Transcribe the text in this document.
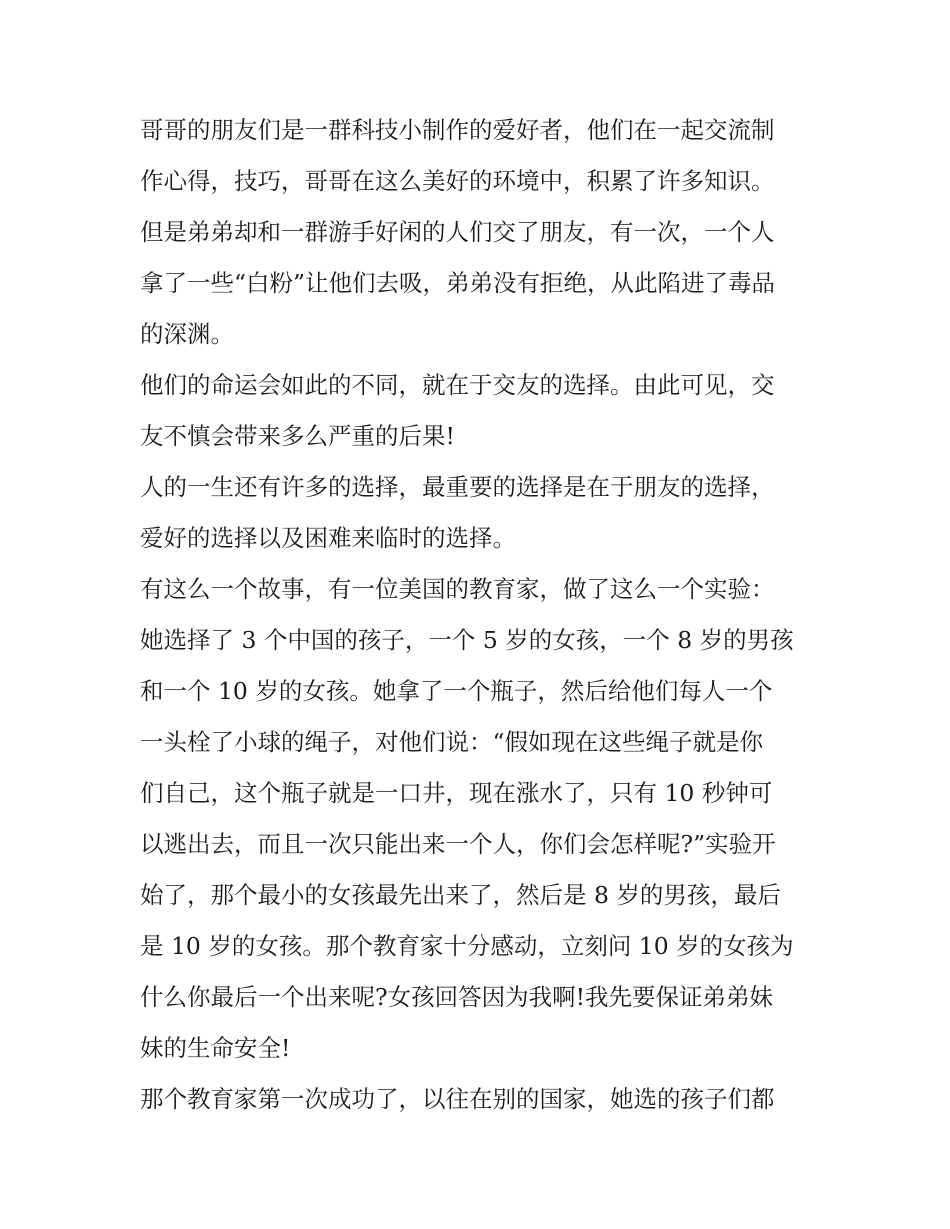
哥哥的朋友们是一群科技小制作的爱好者，他们在一起交流制
作心得，技巧，哥哥在这么美好的环境中，积累了许多知识。
但是弟弟却和一群游手好闲的人们交了朋友，有一次，一个人
拿了一些“白粉”让他们去吸，弟弟没有拒绝，从此陷进了毒品
的深渊。
他们的命运会如此的不同，就在于交友的选择。由此可见，交
友不慎会带来多么严重的后果!
人的一生还有许多的选择，最重要的选择是在于朋友的选择，
爱好的选择以及困难来临时的选择。
有这么一个故事，有一位美国的教育家，做了这么一个实验：
她选择了 3 个中国的孩子，一个 5 岁的女孩，一个 8 岁的男孩
和一个 10 岁的女孩。她拿了一个瓶子，然后给他们每人一个
一头栓了小球的绳子，对他们说：“假如现在这些绳子就是你
们自己，这个瓶子就是一口井，现在涨水了，只有 10 秒钟可
以逃出去，而且一次只能出来一个人，你们会怎样呢?”实验开
始了，那个最小的女孩最先出来了，然后是 8 岁的男孩，最后
是 10 岁的女孩。那个教育家十分感动，立刻问 10 岁的女孩为
什么你最后一个出来呢?女孩回答因为我啊!我先要保证弟弟妹
妹的生命安全!
那个教育家第一次成功了，以往在别的国家，她选的孩子们都
